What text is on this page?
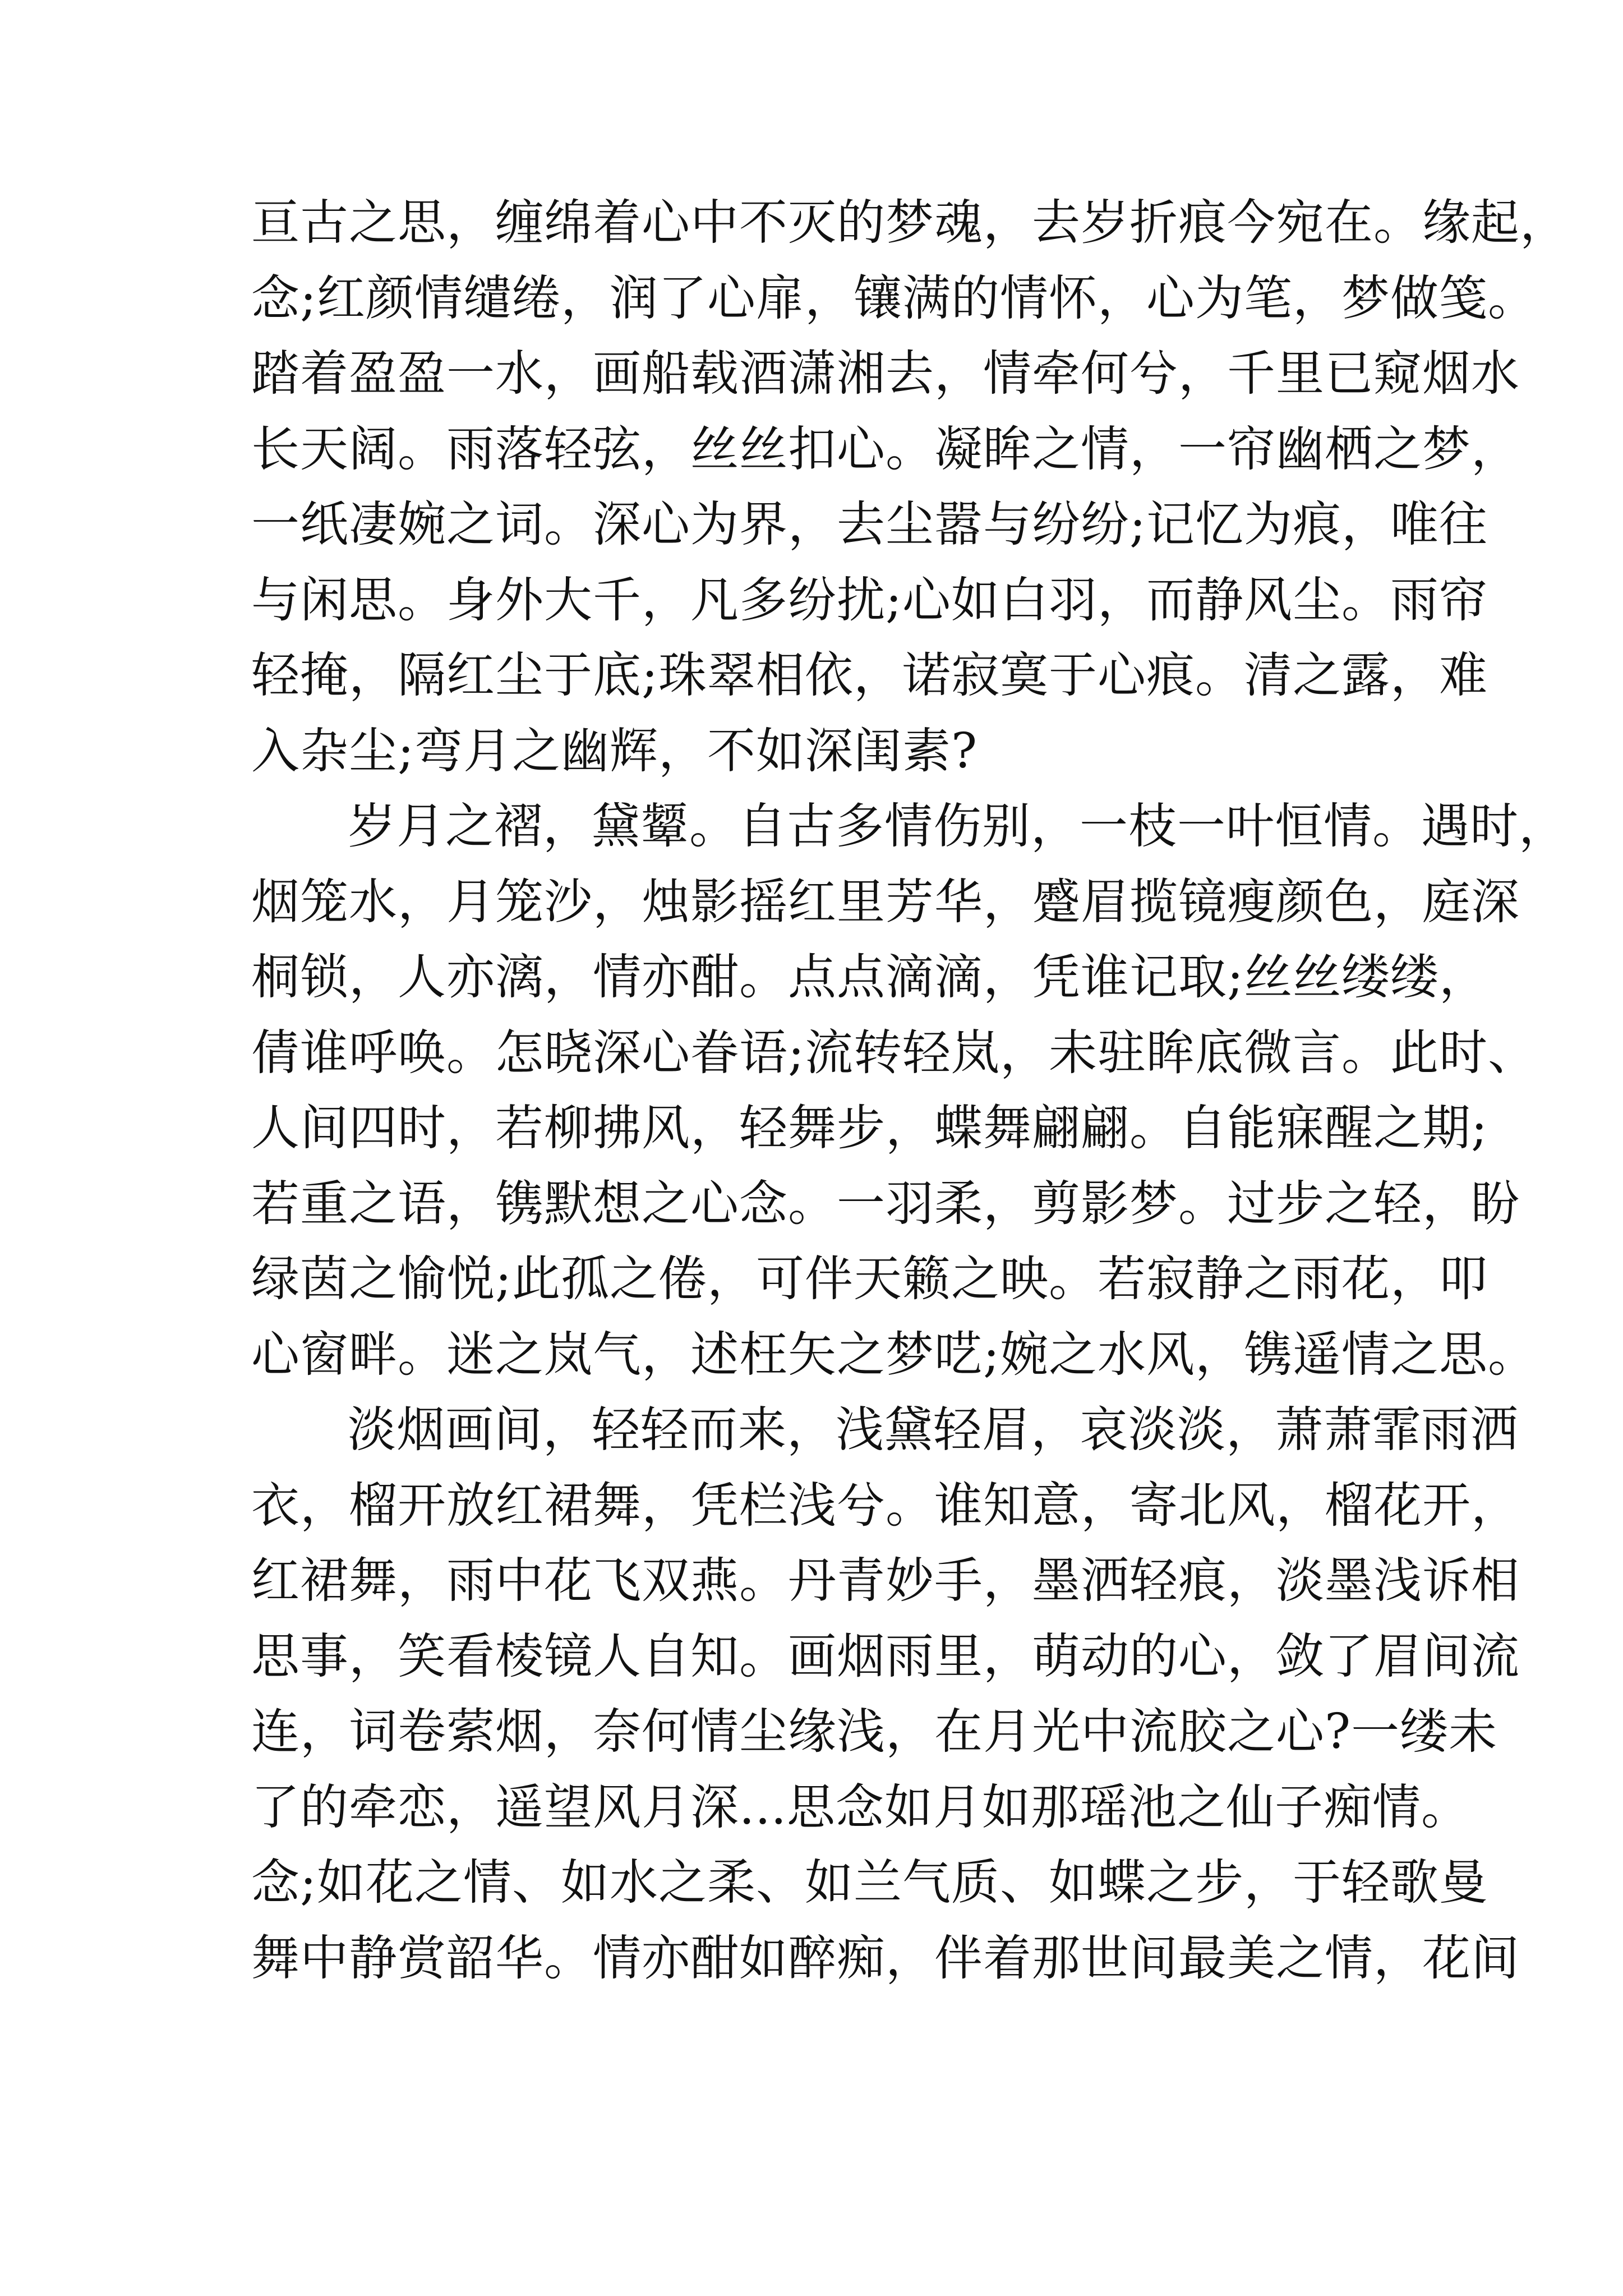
亘古之思，缠绵着心中不灭的梦魂，去岁折痕今宛在。缘起，
念;红颜情缱绻，润了心扉，镶满的情怀，心为笔，梦做笺。
踏着盈盈一水，画船载酒潇湘去，情牵何兮，千里已窥烟水
长天阔。雨落轻弦，丝丝扣心。凝眸之情，一帘幽栖之梦，
一纸凄婉之词。深心为界，去尘嚣与纷纷;记忆为痕，唯往
与闲思。身外大千，凡多纷扰;心如白羽，而静风尘。雨帘
轻掩，隔红尘于底;珠翠相依，诺寂寞于心痕。清之露，难
入杂尘;弯月之幽辉，不如深闺素?
岁月之褶，黛颦。自古多情伤别，一枝一叶恒情。遇时，
烟笼水，月笼沙，烛影摇红里芳华，蹙眉揽镜瘦颜色，庭深
桐锁，人亦漓，情亦酣。点点滴滴，凭谁记取;丝丝缕缕，
倩谁呼唤。怎晓深心眷语;流转轻岚，未驻眸底微言。此时、
人间四时，若柳拂风，轻舞步，蝶舞翩翩。自能寐醒之期;
若重之语，镌默想之心念。一羽柔，剪影梦。过步之轻，盼
绿茵之愉悦;此孤之倦，可伴天籁之映。若寂静之雨花，叩
心窗畔。迷之岚气，述枉矢之梦呓;婉之水风，镌遥情之思。
淡烟画间，轻轻而来，浅黛轻眉，哀淡淡，萧萧霏雨洒
衣，榴开放红裙舞，凭栏浅兮。谁知意，寄北风，榴花开，
红裙舞，雨中花飞双燕。丹青妙手，墨洒轻痕，淡墨浅诉相
思事，笑看棱镜人自知。画烟雨里，萌动的心，敛了眉间流
连，词卷萦烟，奈何情尘缘浅，在月光中流胶之心?一缕未
了的牵恋，遥望风月深...思念如月如那瑶池之仙子痴情。
念;如花之情、如水之柔、如兰气质、如蝶之步，于轻歌曼
舞中静赏韶华。情亦酣如醉痴，伴着那世间最美之情，花间
